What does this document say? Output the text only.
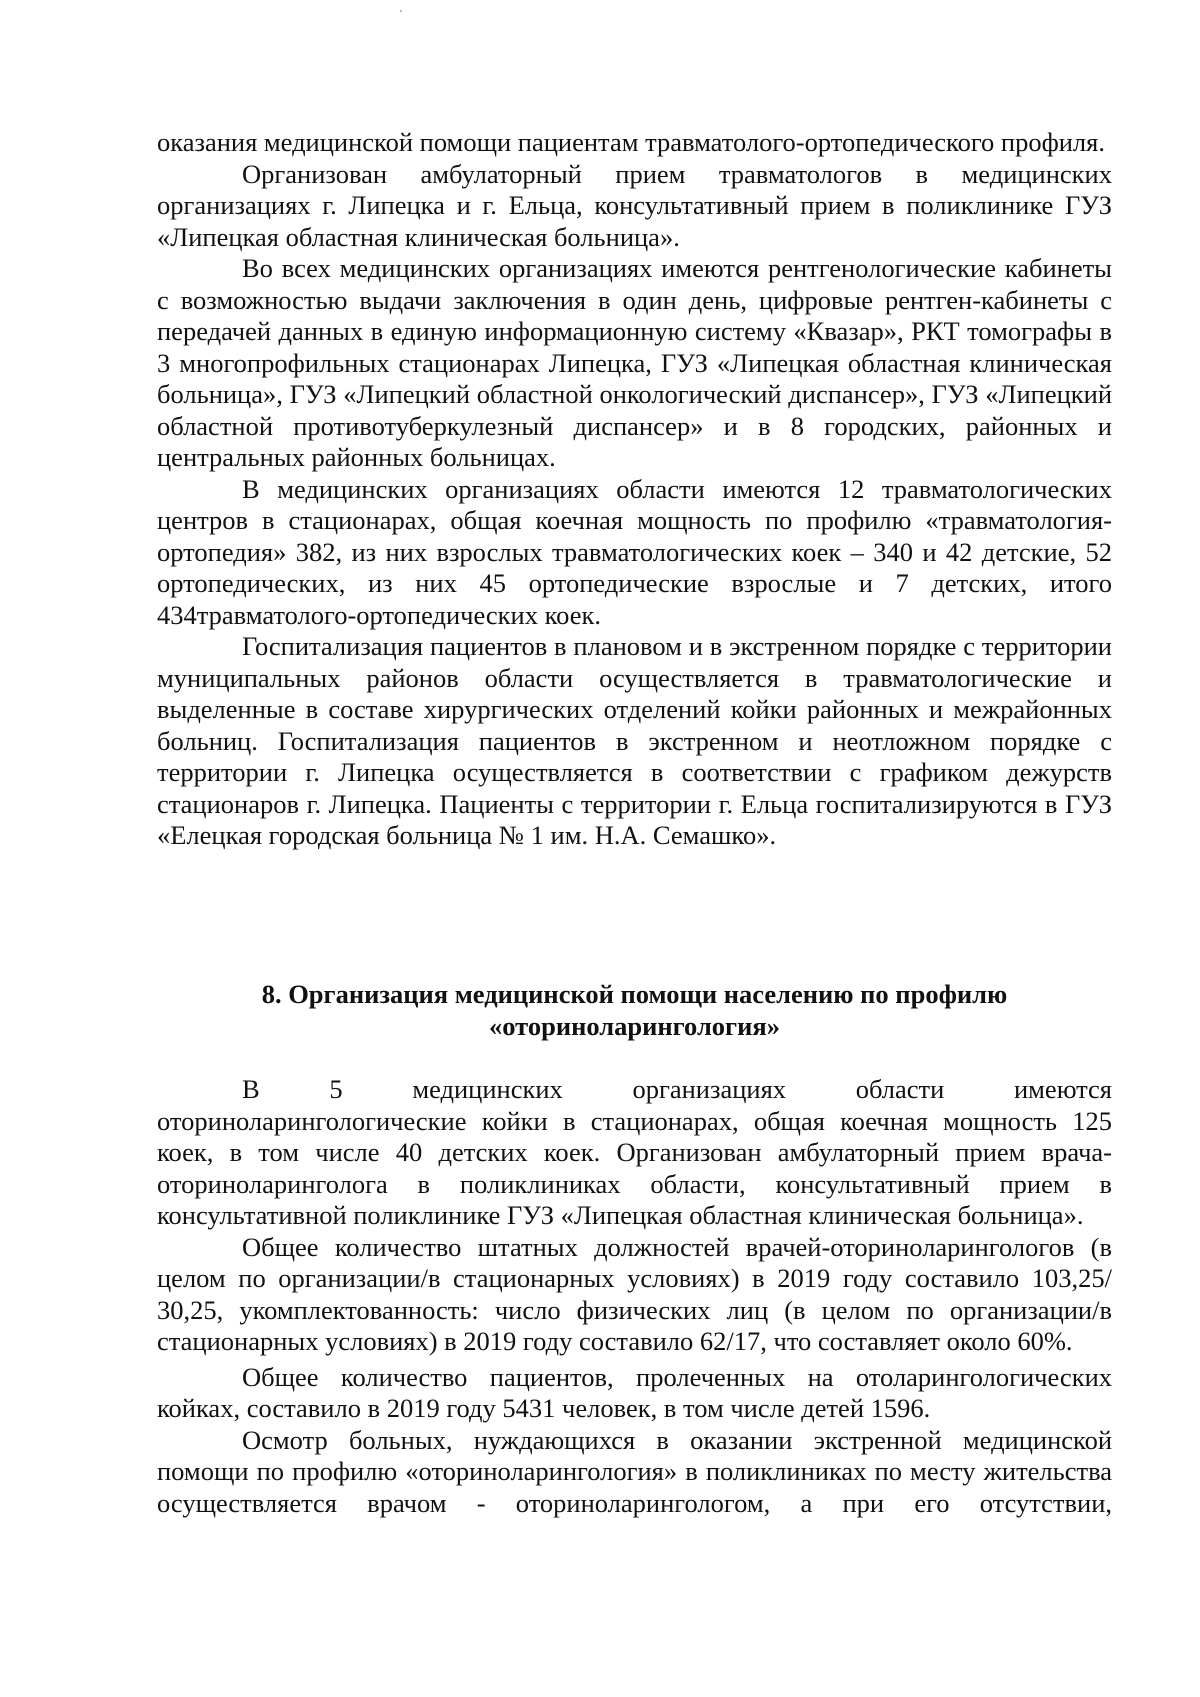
оказания медицинской помощи пациентам травматолого-ортопедического профиля.

Организован амбулаторный прием травматологов в медицинских организациях г. Липецка и г. Ельца, консультативный прием в поликлинике ГУЗ «Липецкая областная клиническая больница».

Во всех медицинских организациях имеются рентгенологические кабинеты с возможностью выдачи заключения в один день, цифровые рентген-кабинеты с передачей данных в единую информационную систему «Квазар», РКТ томографы в 3 многопрофильных стационарах Липецка, ГУЗ «Липецкая областная клиническая больница», ГУЗ «Липецкий областной онкологический диспансер», ГУЗ «Липецкий областной противотуберкулезный диспансер» и в 8 городских, районных и центральных районных больницах.

В медицинских организациях области имеются 12 травматологических центров в стационарах, общая коечная мощность по профилю «травматология-ортопедия» 382, из них взрослых травматологических коек – 340 и 42 детские, 52 ортопедических, из них 45 ортопедические взрослые и 7 детских, итого 434травматолого-ортопедических коек.

Госпитализация пациентов в плановом и в экстренном порядке с территории муниципальных районов области осуществляется в травматологические и выделенные в составе хирургических отделений койки районных и межрайонных больниц. Госпитализация пациентов в экстренном и неотложном порядке с территории г. Липецка осуществляется в соответствии с графиком дежурств стационаров г. Липецка. Пациенты с территории г. Ельца госпитализируются в ГУЗ «Елецкая городская больница № 1 им. Н.А. Семашко».

8. Организация медицинской помощи населению по профилю
«оториноларингология»

В 5 медицинских организациях области имеются оториноларингологические койки в стационарах, общая коечная мощность 125 коек, в том числе 40 детских коек. Организован амбулаторный прием врача-оториноларинголога в поликлиниках области, консультативный прием в консультативной поликлинике ГУЗ «Липецкая областная клиническая больница».

Общее количество штатных должностей врачей-оториноларингологов (в целом по организации/в стационарных условиях) в 2019 году составило 103,25/ 30,25, укомплектованность: число физических лиц (в целом по организации/в стационарных условиях) в 2019 году составило 62/17, что составляет около 60%.

Общее количество пациентов, пролеченных на отоларингологических койках, составило в 2019 году 5431 человек, в том числе детей 1596.

Осмотр больных, нуждающихся в оказании экстренной медицинской помощи по профилю «оториноларингология» в поликлиниках по месту жительства осуществляется врачом - оториноларингологом, а при его отсутствии,
